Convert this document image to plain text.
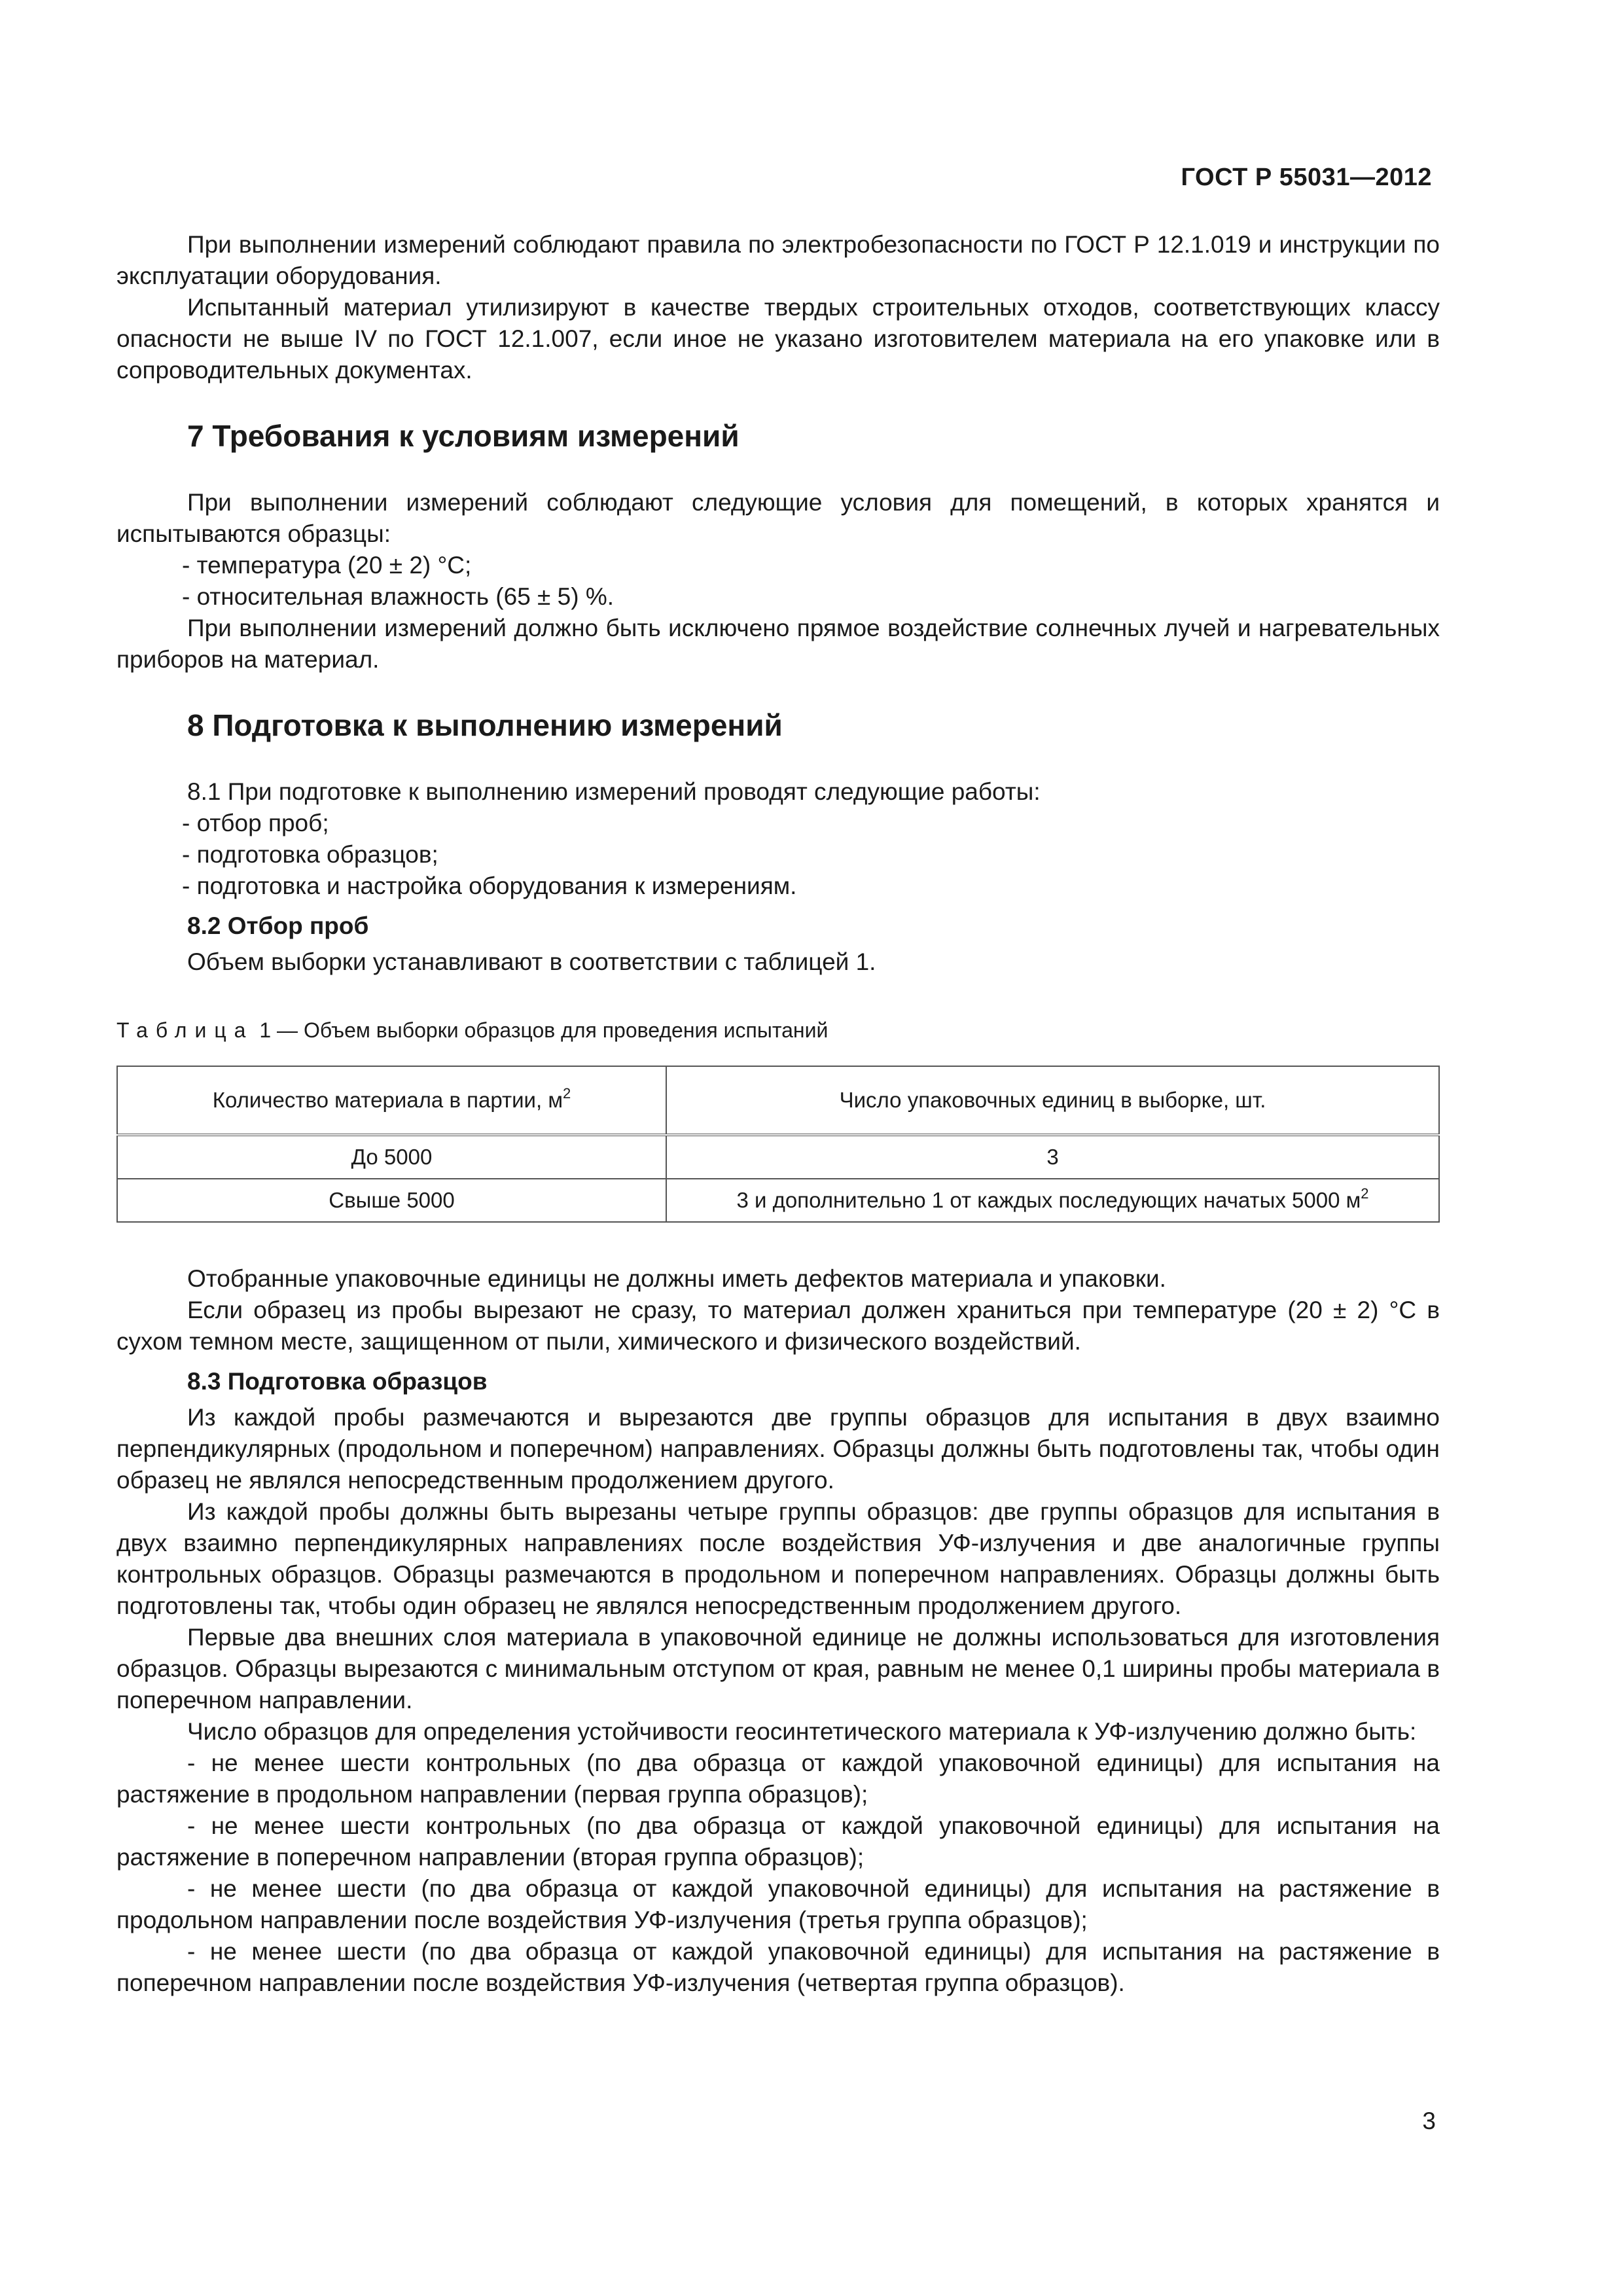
ГОСТ Р 55031—2012

При выполнении измерений соблюдают правила по электробезопасности по ГОСТ Р 12.1.019 и инструкции по эксплуатации оборудования.

Испытанный материал утилизируют в качестве твердых строительных отходов, соответствующих классу опасности не выше IV по ГОСТ 12.1.007, если иное не указано изготовителем материала на его упаковке или в сопроводительных документах.

7 Требования к условиям измерений

При выполнении измерений соблюдают следующие условия для помещений, в которых хранятся и испытываются образцы:

- температура (20 ± 2) °С;

- относительная влажность (65 ± 5) %.

При выполнении измерений должно быть исключено прямое воздействие солнечных лучей и нагревательных приборов на материал.

8 Подготовка к выполнению измерений

8.1 При подготовке к выполнению измерений проводят следующие работы:

- отбор проб;

- подготовка образцов;

- подготовка и настройка оборудования к измерениям.

8.2 Отбор проб

Объем выборки устанавливают в соответствии с таблицей 1.

Таблица 1 — Объем выборки образцов для проведения испытаний
Количество материала в партии, $м^2$	Число упаковочных единиц в выборке, шт.
До 5000	3
Свыше 5000	3 и дополнительно 1 от каждых последующих начатых 5000 $м^2$

Отобранные упаковочные единицы не должны иметь дефектов материала и упаковки.

Если образец из пробы вырезают не сразу, то материал должен храниться при температуре (20 ± 2) °С в сухом темном месте, защищенном от пыли, химического и физического воздействий.

8.3 Подготовка образцов

Из каждой пробы размечаются и вырезаются две группы образцов для испытания в двух взаимно перпендикулярных (продольном и поперечном) направлениях. Образцы должны быть подготовлены так, чтобы один образец не являлся непосредственным продолжением другого.

Из каждой пробы должны быть вырезаны четыре группы образцов: две группы образцов для испытания в двух взаимно перпендикулярных направлениях после воздействия УФ-излучения и две аналогичные группы контрольных образцов. Образцы размечаются в продольном и поперечном направлениях. Образцы должны быть подготовлены так, чтобы один образец не являлся непосредственным продолжением другого.

Первые два внешних слоя материала в упаковочной единице не должны использоваться для изготовления образцов. Образцы вырезаются с минимальным отступом от края, равным не менее 0,1 ширины пробы материала в поперечном направлении.

Число образцов для определения устойчивости геосинтетического материала к УФ-излучению должно быть:

- не менее шести контрольных (по два образца от каждой упаковочной единицы) для испытания на растяжение в продольном направлении (первая группа образцов);

- не менее шести контрольных (по два образца от каждой упаковочной единицы) для испытания на растяжение в поперечном направлении (вторая группа образцов);

- не менее шести (по два образца от каждой упаковочной единицы) для испытания на растяжение в продольном направлении после воздействия УФ-излучения (третья группа образцов);

- не менее шести (по два образца от каждой упаковочной единицы) для испытания на растяжение в поперечном направлении после воздействия УФ-излучения (четвертая группа образцов).

3
